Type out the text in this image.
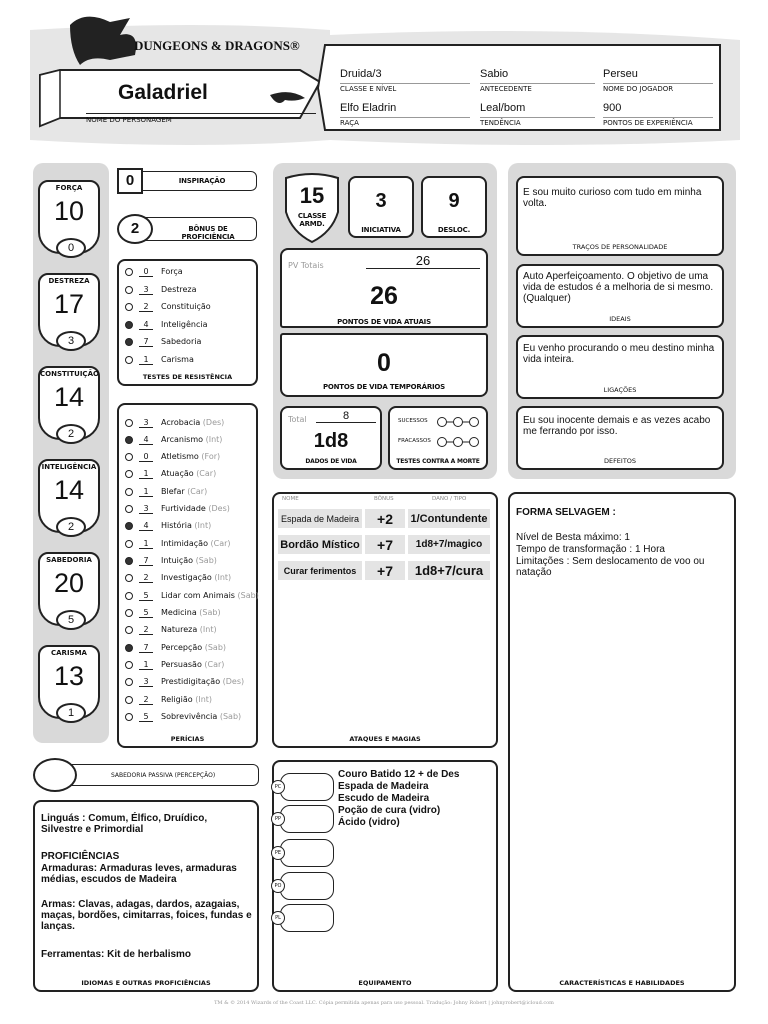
DUNGEONS & DRAGONS®
Galadriel
NOME DO PERSONAGEM
Druida/3
CLASSE E NÍVEL
Sabio
ANTECEDENTE
Perseu
NOME DO JOGADOR
Elfo Eladrin
RAÇA
Leal/bom
TENDÊNCIA
900
PONTOS DE EXPERIÊNCIA
FORÇA
10
0
DESTREZA
17
3
CONSTITUIÇÃO
14
2
INTELIGÊNCIA
14
2
SABEDORIA
20
5
CARISMA
13
1
0	INSPIRAÇÃO
2	BÔNUS DE PROFICIÊNCIA
TESTES DE RESISTÊNCIA
0	Força
3	Destreza
2	Constituição
4	Inteligência
7	Sabedoria
1	Carisma
PERÍCIAS
3	Acrobacia
(Des)
4	Arcanismo
(Int)
0	Atletismo
(For)
1	Atuação
(Car)
1	Blefar
(Car)
3	Furtividade
(Des)
4	História
(Int)
1	Intimidação
(Car)
7	Intuição
(Sab)
2	Investigação
(Int)
5	Lidar com Animais
(Sab)
5	Medicina
(Sab)
2	Natureza
(Int)
7	Percepção
(Sab)
1	Persuasão
(Car)
3	Prestidigitação
(Des)
2	Religião
(Int)
5	Sobrevivência
(Sab)
15
CLASSE ARMD.
3
INICIATIVA
9
DESLOC.
PV Totais	26
26
PONTOS DE VIDA ATUAIS
0
PONTOS DE VIDA TEMPORÁRIOS
Total	8
1d8
DADOS DE VIDA
SUCESSOS
FRACASSOS
TESTES CONTRA A MORTE
E sou muito curioso com tudo em minha volta.
TRAÇOS DE PERSONALIDADE
Auto Aperfeiçoamento. O objetivo de uma vida de estudos é a melhoria de si mesmo. (Qualquer)
IDEAIS
Eu venho procurando o meu destino minha vida inteira.
LIGAÇÕES
Eu sou inocente demais e as vezes acabo me ferrando por isso.
DEFEITOS
NOME	BÔNUS	DANO / TIPO
ATAQUES E MAGIAS
Espada de Madeira	+2	1/Contundente
Bordão Místico	+7	1d8+7/magico
Curar ferimentos	+7	1d8+7/cura
FORMA SELVAGEM :
Nível de Besta máximo: 1
Tempo de transformação : 1 Hora
Limitações : Sem deslocamento de voo ou natação
CARACTERÍSTICAS E HABILIDADES
SABEDORIA PASSIVA (PERCEPÇÃO)
Linguás : Comum, Élfico, Druídico, Silvestre e Primordial
PROFICIÊNCIAS
Armaduras: Armaduras leves, armaduras médias, escudos de Madeira
Armas: Clavas, adagas, dardos, azagaias, maças, bordões, cimitarras, foices, fundas e lanças.
Ferramentas: Kit de herbalismo
IDIOMAS E OUTRAS PROFICIÊNCIAS	EQUIPAMENTO
PC
PP
PE
PO
PL
Couro Batido 12 + de Des
Espada de Madeira
Escudo de Madeira
Poção de cura (vidro)
Ácido (vidro)
TM & © 2014 Wizards of the Coast LLC. Cópia permitida apenas para uso pessoal. Tradução: Johny Robert | johnyrobert@icloud.com
